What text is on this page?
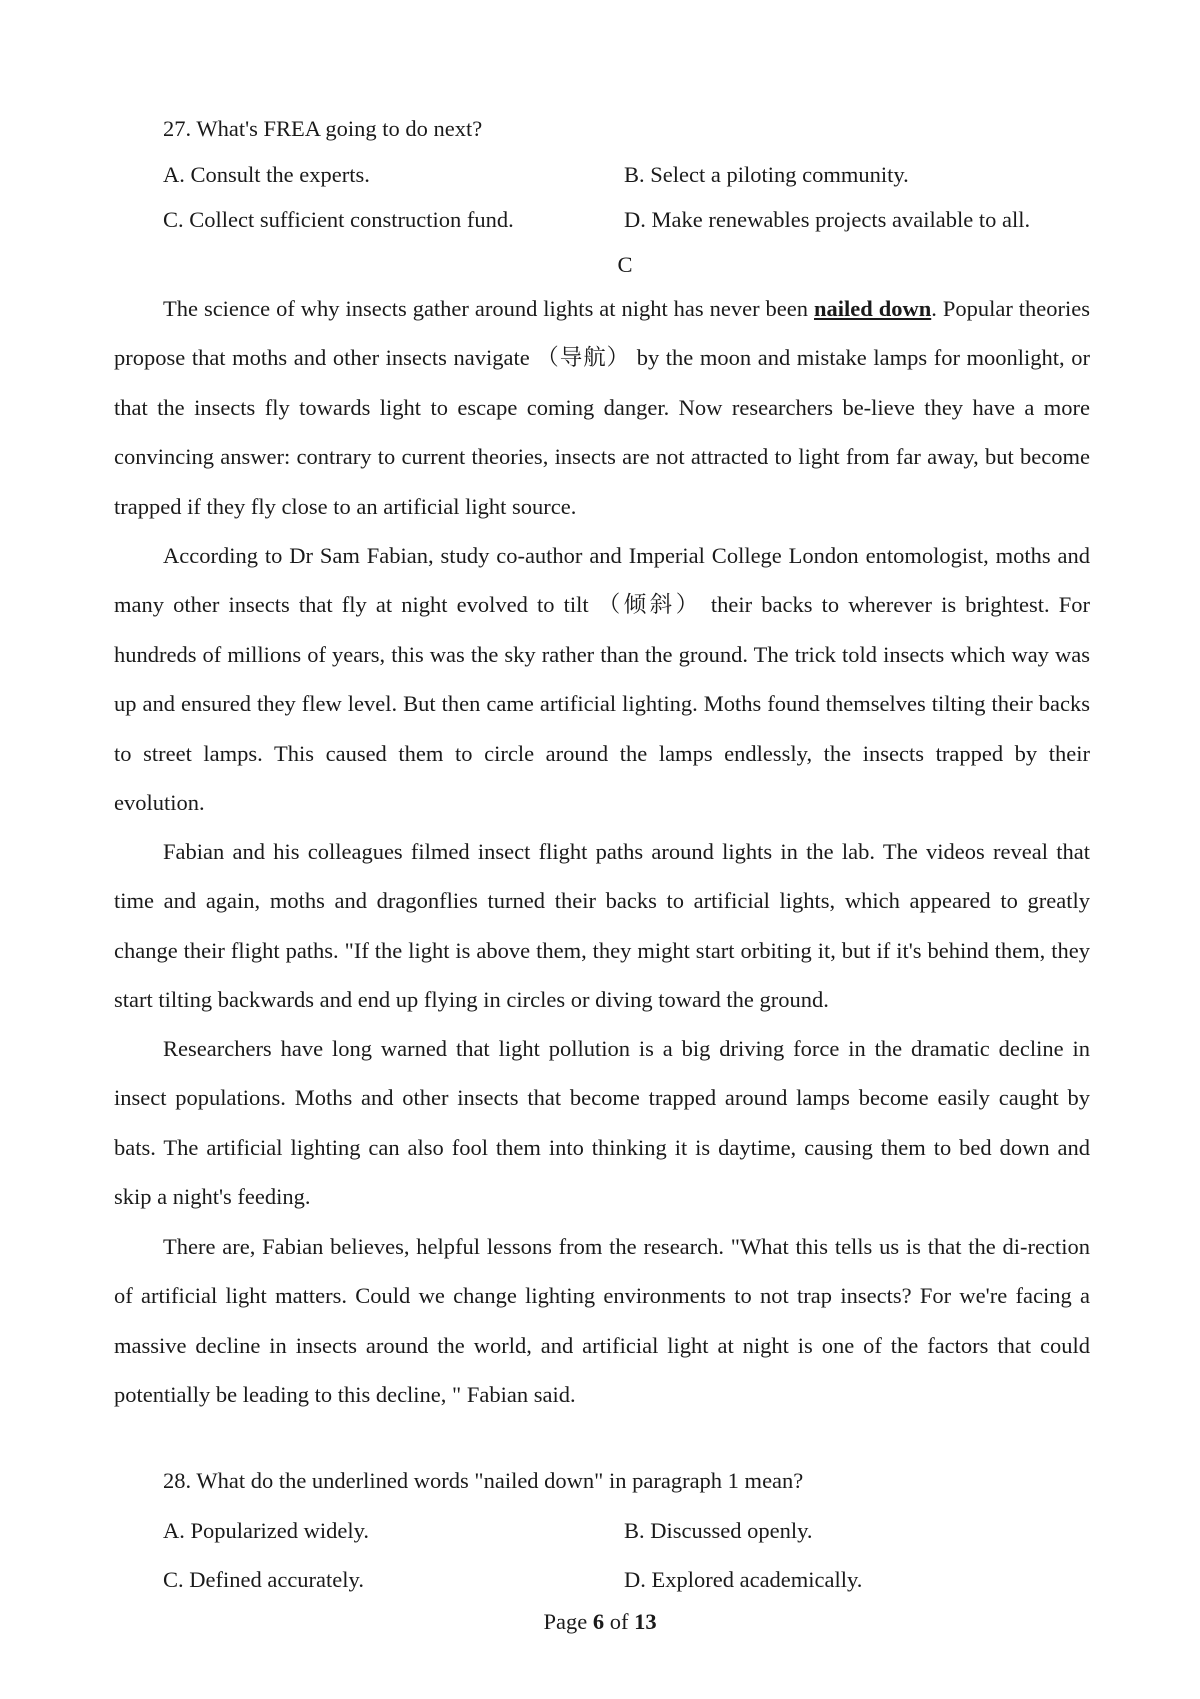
27. What's FREA going to do next?
A. Consult the experts.	B. Select a piloting community.
C. Collect sufficient construction fund.	D. Make renewables projects available to all.
C

The science of why insects gather around lights at night has never been nailed down. Popular theories propose that moths and other insects navigate （导航） by the moon and mistake lamps for moonlight, or that the insects fly towards light to escape coming danger. Now researchers be-lieve they have a more convincing answer: contrary to current theories, insects are not attracted to light from far away, but become trapped if they fly close to an artificial light source.

According to Dr Sam Fabian, study co-author and Imperial College London entomologist, moths and many other insects that fly at night evolved to tilt （倾斜） their backs to wherever is brightest. For hundreds of millions of years, this was the sky rather than the ground. The trick told insects which way was up and ensured they flew level. But then came artificial lighting. Moths found themselves tilting their backs to street lamps. This caused them to circle around the lamps endlessly, the insects trapped by their evolution.

Fabian and his colleagues filmed insect flight paths around lights in the lab. The videos reveal that time and again, moths and dragonflies turned their backs to artificial lights, which appeared to greatly change their flight paths. "If the light is above them, they might start orbiting it, but if it's behind them, they start tilting backwards and end up flying in circles or diving toward the ground.

Researchers have long warned that light pollution is a big driving force in the dramatic decline in insect populations. Moths and other insects that become trapped around lamps become easily caught by bats. The artificial lighting can also fool them into thinking it is daytime, causing them to bed down and skip a night's feeding.

There are, Fabian believes, helpful lessons from the research. "What this tells us is that the di-rection of artificial light matters. Could we change lighting environments to not trap insects? For we're facing a massive decline in insects around the world, and artificial light at night is one of the factors that could potentially be leading to this decline, " Fabian said.

28. What do the underlined words "nailed down" in paragraph 1 mean?
A. Popularized widely.	B. Discussed openly.
C. Defined accurately.	D. Explored academically.
Page 6 of 13
